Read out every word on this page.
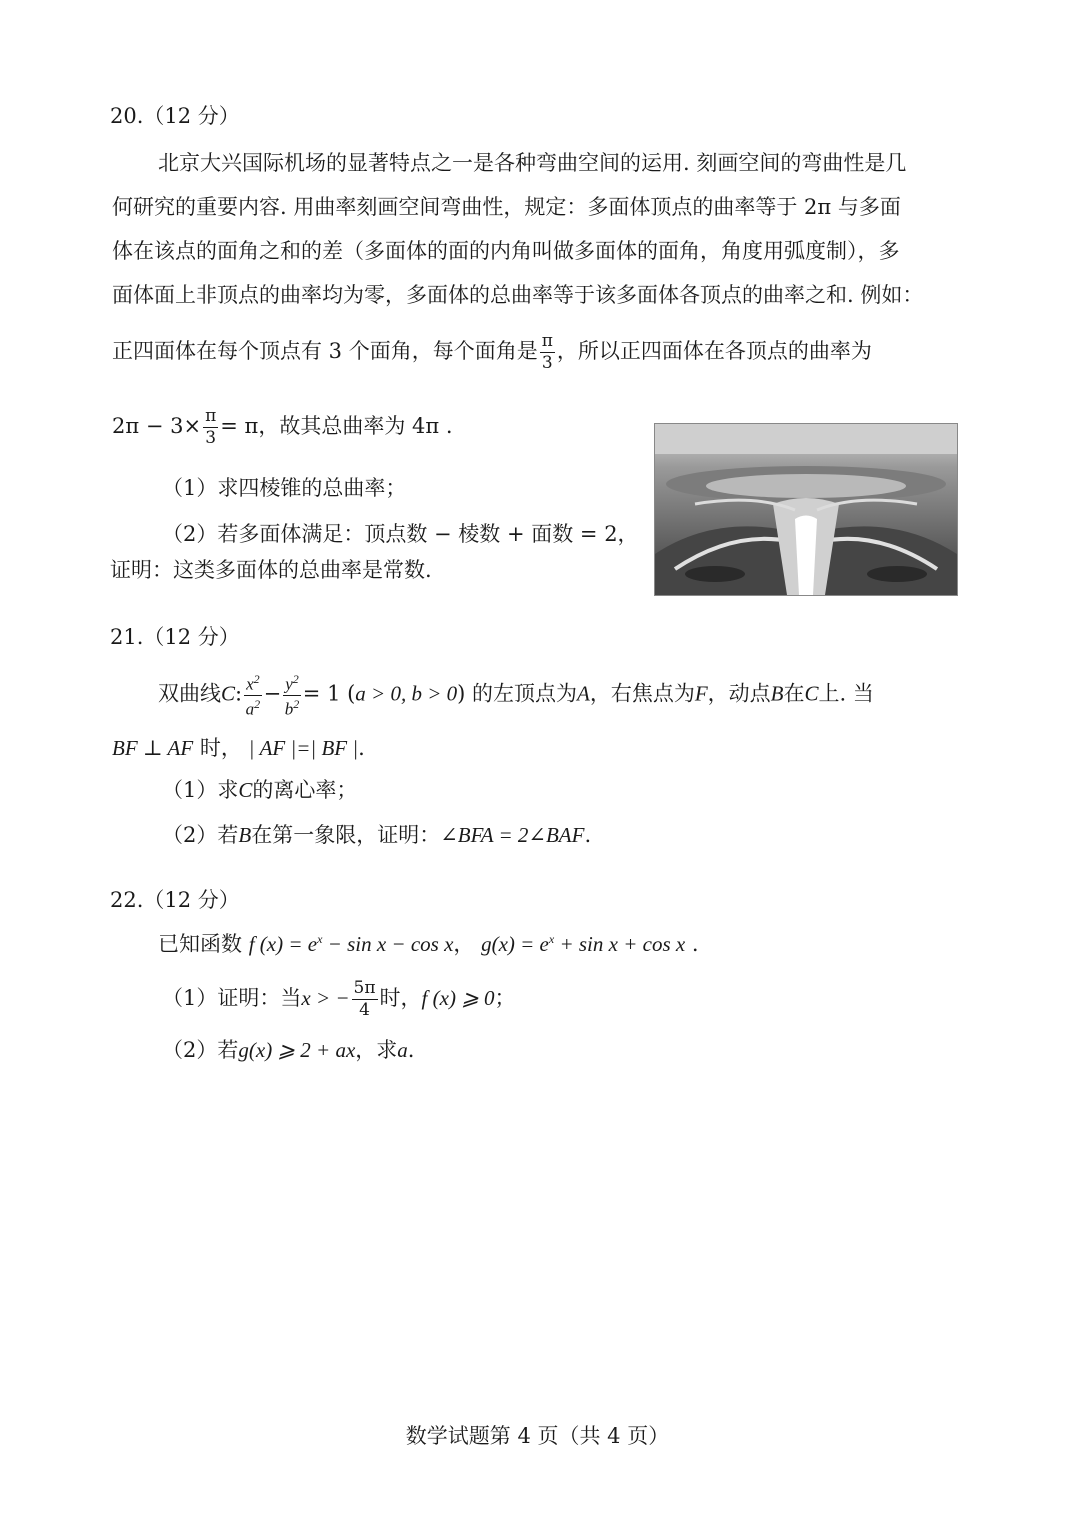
20.（12 分）
北京大兴国际机场的显著特点之一是各种弯曲空间的运用. 刻画空间的弯曲性是几
何研究的重要内容. 用曲率刻画空间弯曲性，规定：多面体顶点的曲率等于 2π 与多面
体在该点的面角之和的差（多面体的面的内角叫做多面体的面角，角度用弧度制），多
面体面上非顶点的曲率均为零，多面体的总曲率等于该多面体各顶点的曲率之和. 例如：
正四面体在每个顶点有 3 个面角，每个面角是 $\frac{\pi}{3}$ ，所以正四面体在各顶点的曲率为
$2\pi - 3\times \frac{\pi}{3} = \pi$，故其总曲率为 4π .
（1）求四棱锥的总曲率；
（2）若多面体满足：顶点数 − 棱数 + 面数 = 2，
证明：这类多面体的总曲率是常数.
21.（12 分）
双曲线C: $\frac{x^2}{a^2} - \frac{y^2}{b^2} = 1$ (a > 0, b > 0) 的左顶点为A，右焦点为F，动点B在C上. 当
BF ⊥ AF 时， | AF |=| BF |.
（1）求C的离心率；
（2）若B在第一象限，证明：∠BFA = 2∠BAF.
22.（12 分）
已知函数 f $(x) = e^x - \sin x - \cos x$， $g(x) = e^x + \sin x + \cos x$ .
（1）证明：当x > − $\frac{5\pi}{4}$ 时，f (x) ⩾ 0；
（2）若g(x) ⩾ 2 + ax，求a.
数学试题第 4 页（共 4 页）
